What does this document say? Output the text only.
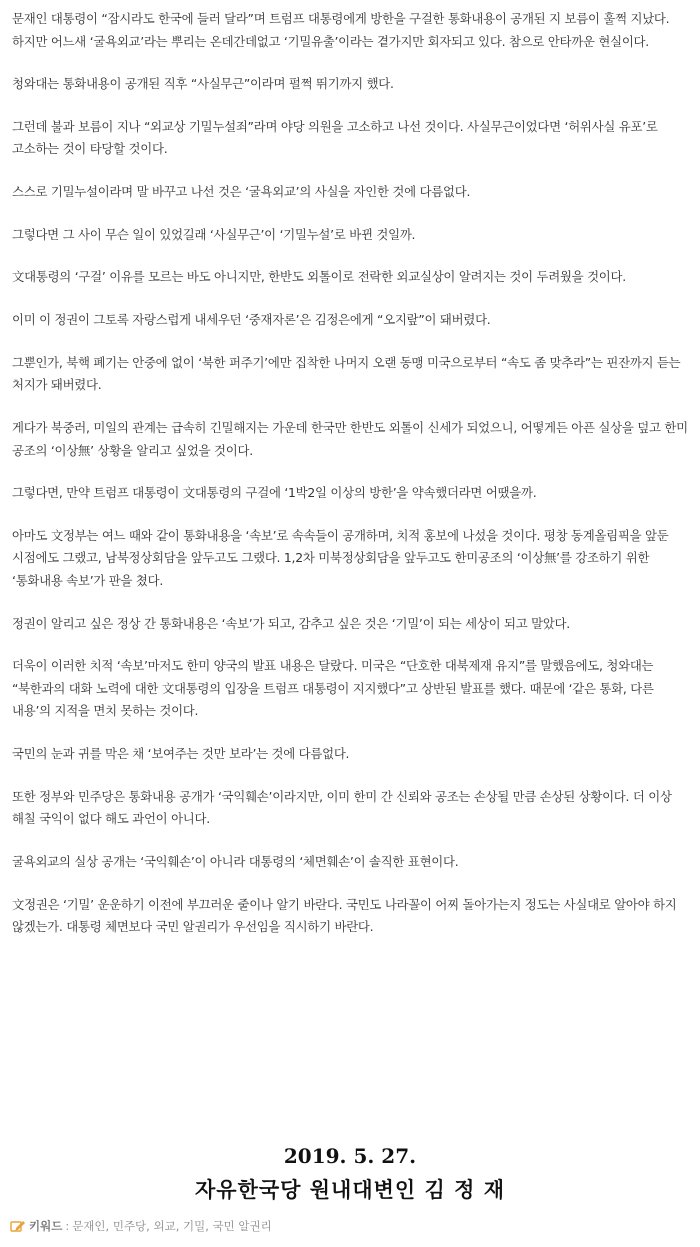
문재인 대통령이 “잠시라도 한국에 들러 달라”며 트럼프 대통령에게 방한을 구걸한 통화내용이 공개된 지 보름이 훌쩍 지났다. 하지만 어느새 ‘굴욕외교’라는 뿌리는 온데간데없고 ‘기밀유출’이라는 곁가지만 회자되고 있다. 참으로 안타까운 현실이다.

청와대는 통화내용이 공개된 직후 “사실무근”이라며 펄쩍 뛰기까지 했다.

그런데 불과 보름이 지나 “외교상 기밀누설죄”라며 야당 의원을 고소하고 나선 것이다. 사실무근이었다면 ‘허위사실 유포’로 고소하는 것이 타당할 것이다.

스스로 기밀누설이라며 말 바꾸고 나선 것은 ‘굴욕외교’의 사실을 자인한 것에 다름없다.

그렇다면 그 사이 무슨 일이 있었길래 ‘사실무근’이 ‘기밀누설’로 바뀐 것일까.

文대통령의 ‘구걸’ 이유를 모르는 바도 아니지만, 한반도 외톨이로 전락한 외교실상이 알려지는 것이 두려웠을 것이다.

이미 이 정권이 그토록 자랑스럽게 내세우던 ‘중재자론’은 김정은에게 “오지랖”이 돼버렸다.

그뿐인가, 북핵 폐기는 안중에 없이 ‘북한 퍼주기’에만 집착한 나머지 오랜 동맹 미국으로부터 “속도 좀 맞추라”는 핀잔까지 듣는 처지가 돼버렸다.

게다가 북중러, 미일의 관계는 급속히 긴밀해지는 가운데 한국만 한반도 외톨이 신세가 되었으니, 어떻게든 아픈 실상을 덮고 한미 공조의 ‘이상無’ 상황을 알리고 싶었을 것이다.

그렇다면, 만약 트럼프 대통령이 文대통령의 구걸에 ‘1박2일 이상의 방한’을 약속했더라면 어땠을까.

아마도 文정부는 여느 때와 같이 통화내용을 ‘속보’로 속속들이 공개하며, 치적 홍보에 나섰을 것이다. 평창 동계올림픽을 앞둔 시점에도 그랬고, 남북정상회담을 앞두고도 그랬다. 1,2차 미북정상회담을 앞두고도 한미공조의 ‘이상無’를 강조하기 위한 ‘통화내용 속보’가 판을 쳤다.

정권이 알리고 싶은 정상 간 통화내용은 ‘속보’가 되고, 감추고 싶은 것은 ‘기밀’이 되는 세상이 되고 말았다.

더욱이 이러한 치적 ‘속보’마저도 한미 양국의 발표 내용은 달랐다. 미국은 “단호한 대북제재 유지”를 말했음에도, 청와대는 “북한과의 대화 노력에 대한 文대통령의 입장을 트럼프 대통령이 지지했다”고 상반된 발표를 했다. 때문에 ‘같은 통화, 다른 내용’의 지적을 면치 못하는 것이다.

국민의 눈과 귀를 막은 채 ‘보여주는 것만 보라’는 것에 다름없다.

또한 정부와 민주당은 통화내용 공개가 ‘국익훼손’이라지만, 이미 한미 간 신뢰와 공조는 손상될 만큼 손상된 상황이다. 더 이상 해칠 국익이 없다 해도 과언이 아니다.

굴욕외교의 실상 공개는 ‘국익훼손’이 아니라 대통령의 ‘체면훼손’이 솔직한 표현이다.

文정권은 ‘기밀’ 운운하기 이전에 부끄러운 줄이나 알기 바란다. 국민도 나라꼴이 어찌 돌아가는지 정도는 사실대로 알아야 하지 않겠는가. 대통령 체면보다 국민 알권리가 우선임을 직시하기 바란다.

2019. 5. 27.
자유한국당 원내대변인 김 정 재
키워드 : 문재인, 민주당, 외교, 기밀, 국민 알권리
